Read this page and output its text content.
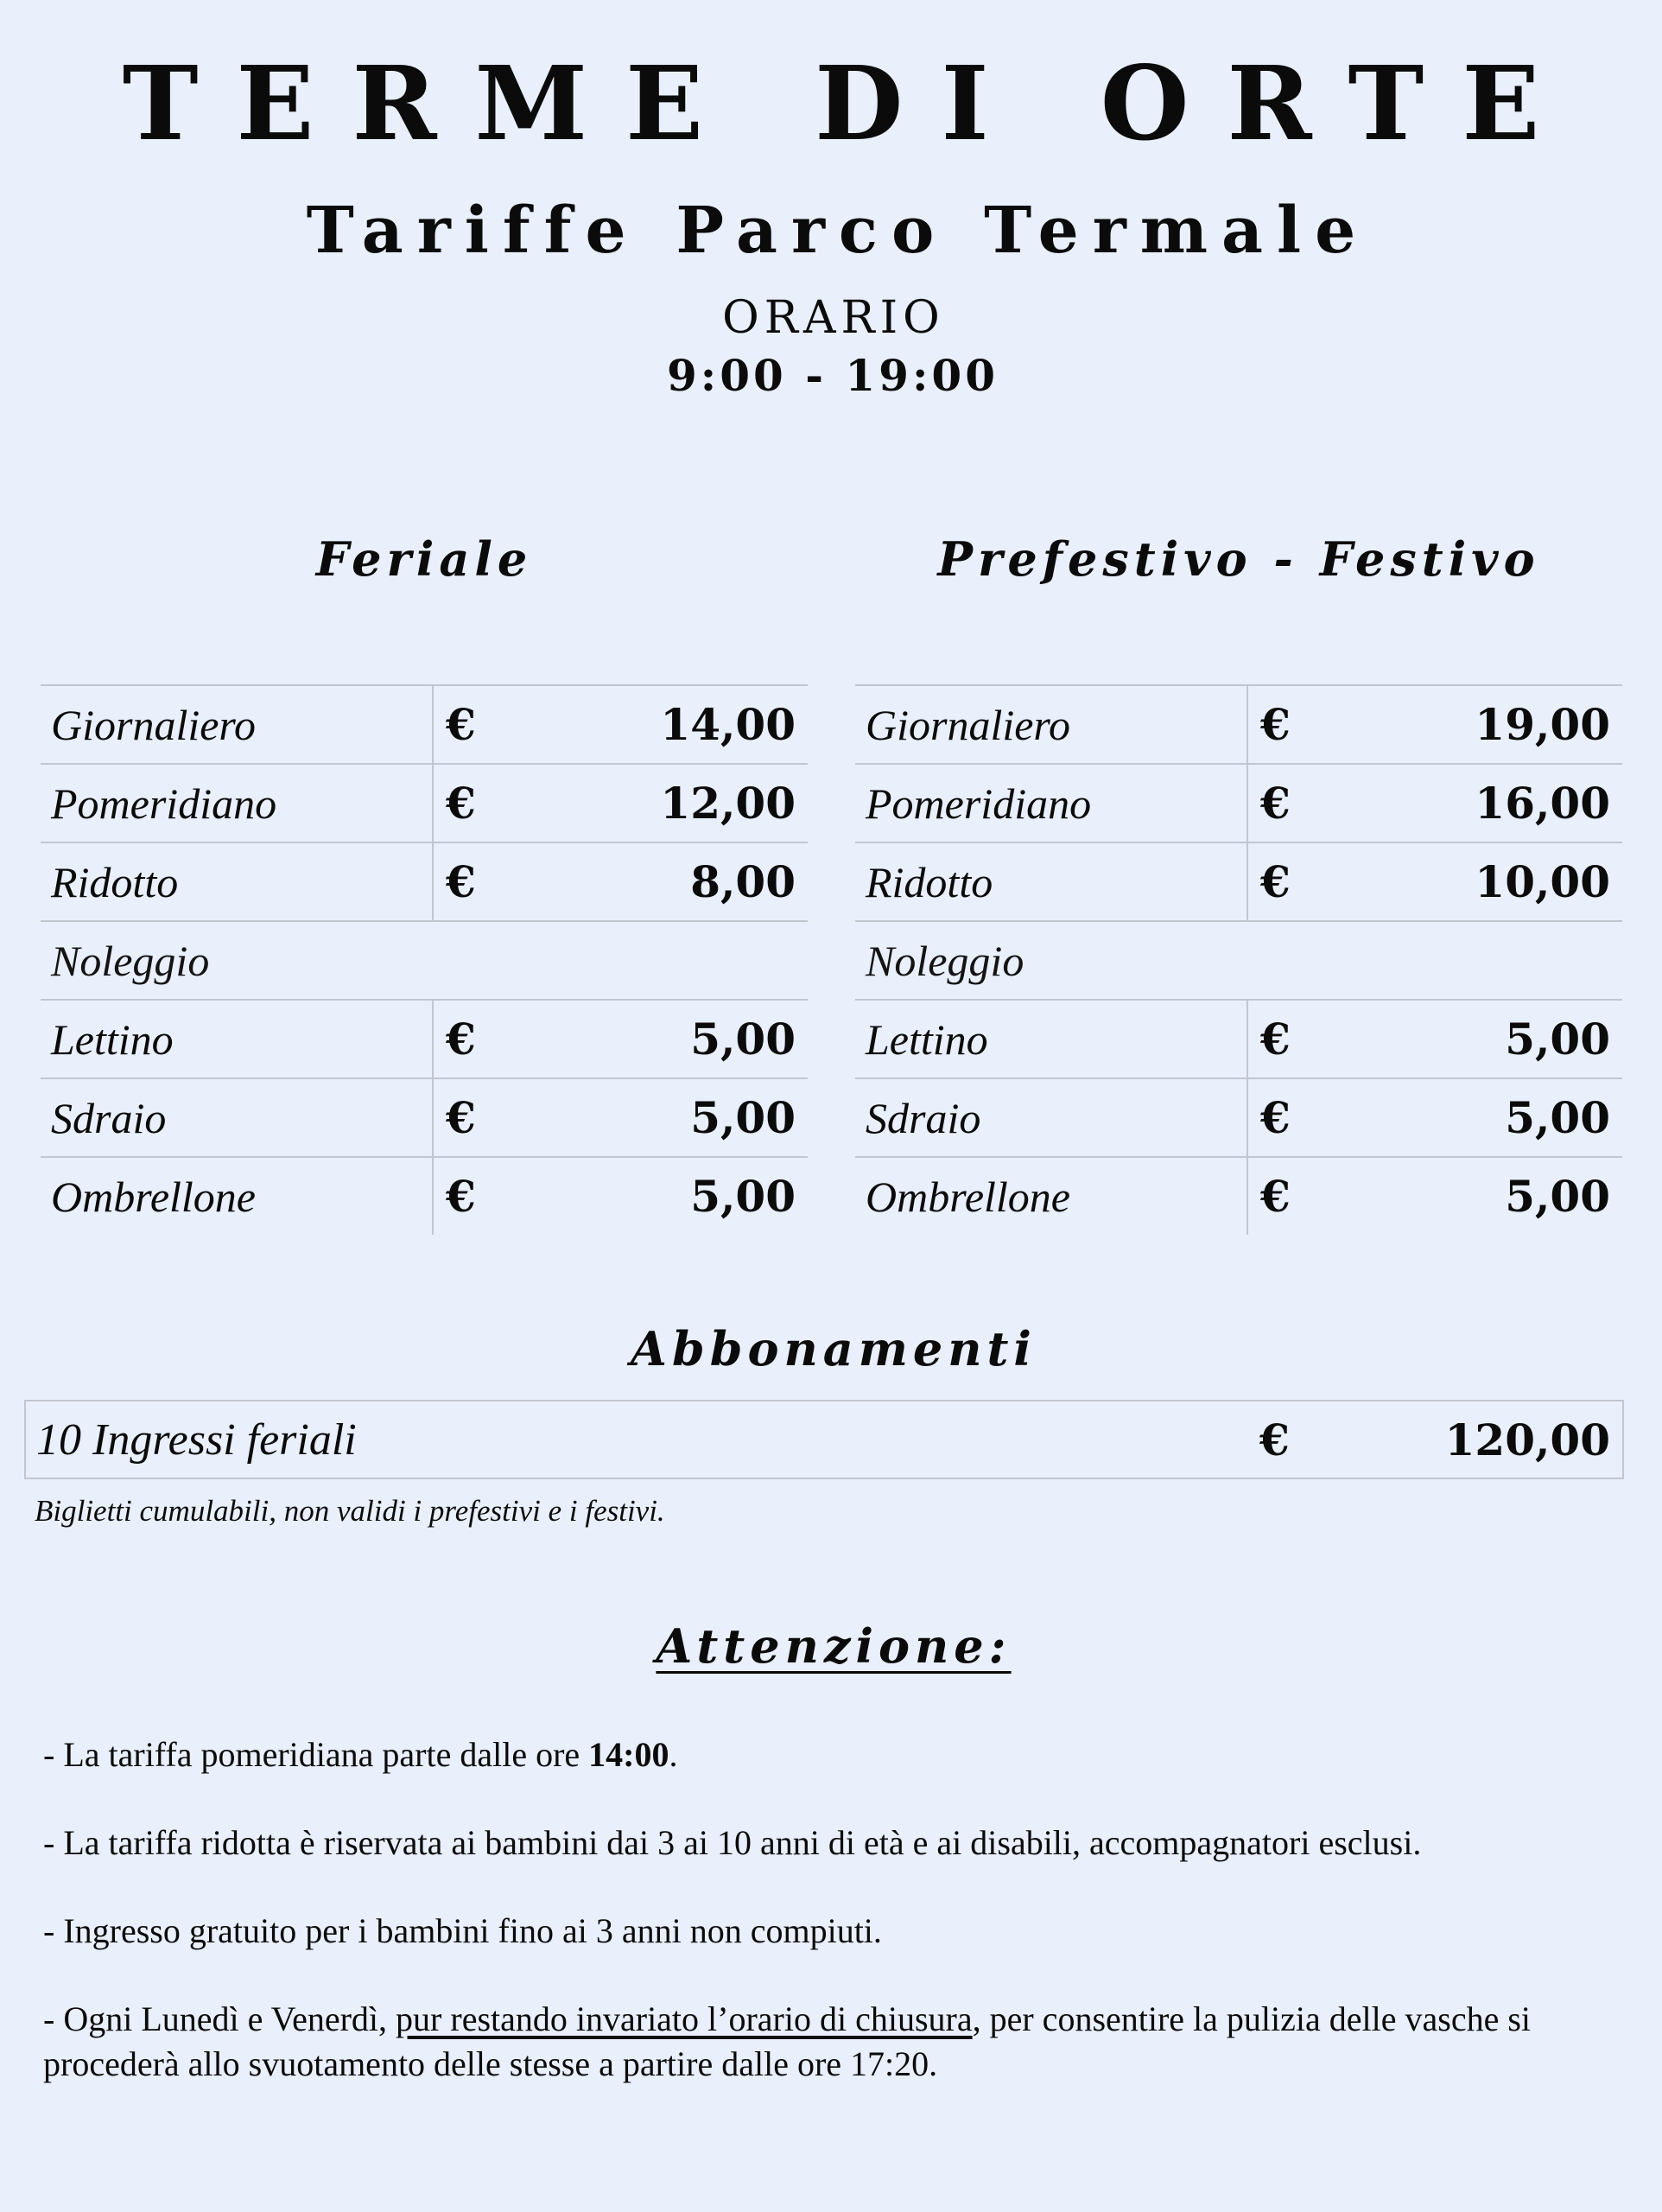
TERME DI ORTE
Tariffe Parco Termale
ORARIO
9:00 - 19:00
Feriale	Prefestivo - Festivo
Giornaliero	€	14,00
Pomeridiano	€	12,00
Ridotto	€	8,00
Noleggio		
Lettino	€	5,00
Sdraio	€	5,00
Ombrellone	€	5,00
Giornaliero	€	19,00
Pomeridiano	€	16,00
Ridotto	€	10,00
Noleggio		
Lettino	€	5,00
Sdraio	€	5,00
Ombrellone	€	5,00
Abbonamenti
10 Ingressi feriali	€	120,00
Biglietti cumulabili, non validi i prefestivi e i festivi.
Attenzione:
- La tariffa pomeridiana parte dalle ore 14:00.
- La tariffa ridotta è riservata ai bambini dai 3 ai 10 anni di età e ai disabili, accompagnatori esclusi.
- Ingresso gratuito per i bambini fino ai 3 anni non compiuti.
- Ogni Lunedì e Venerdì, pur restando invariato l’orario di chiusura, per consentire la pulizia delle vasche si procederà allo svuotamento delle stesse a partire dalle ore 17:20.
